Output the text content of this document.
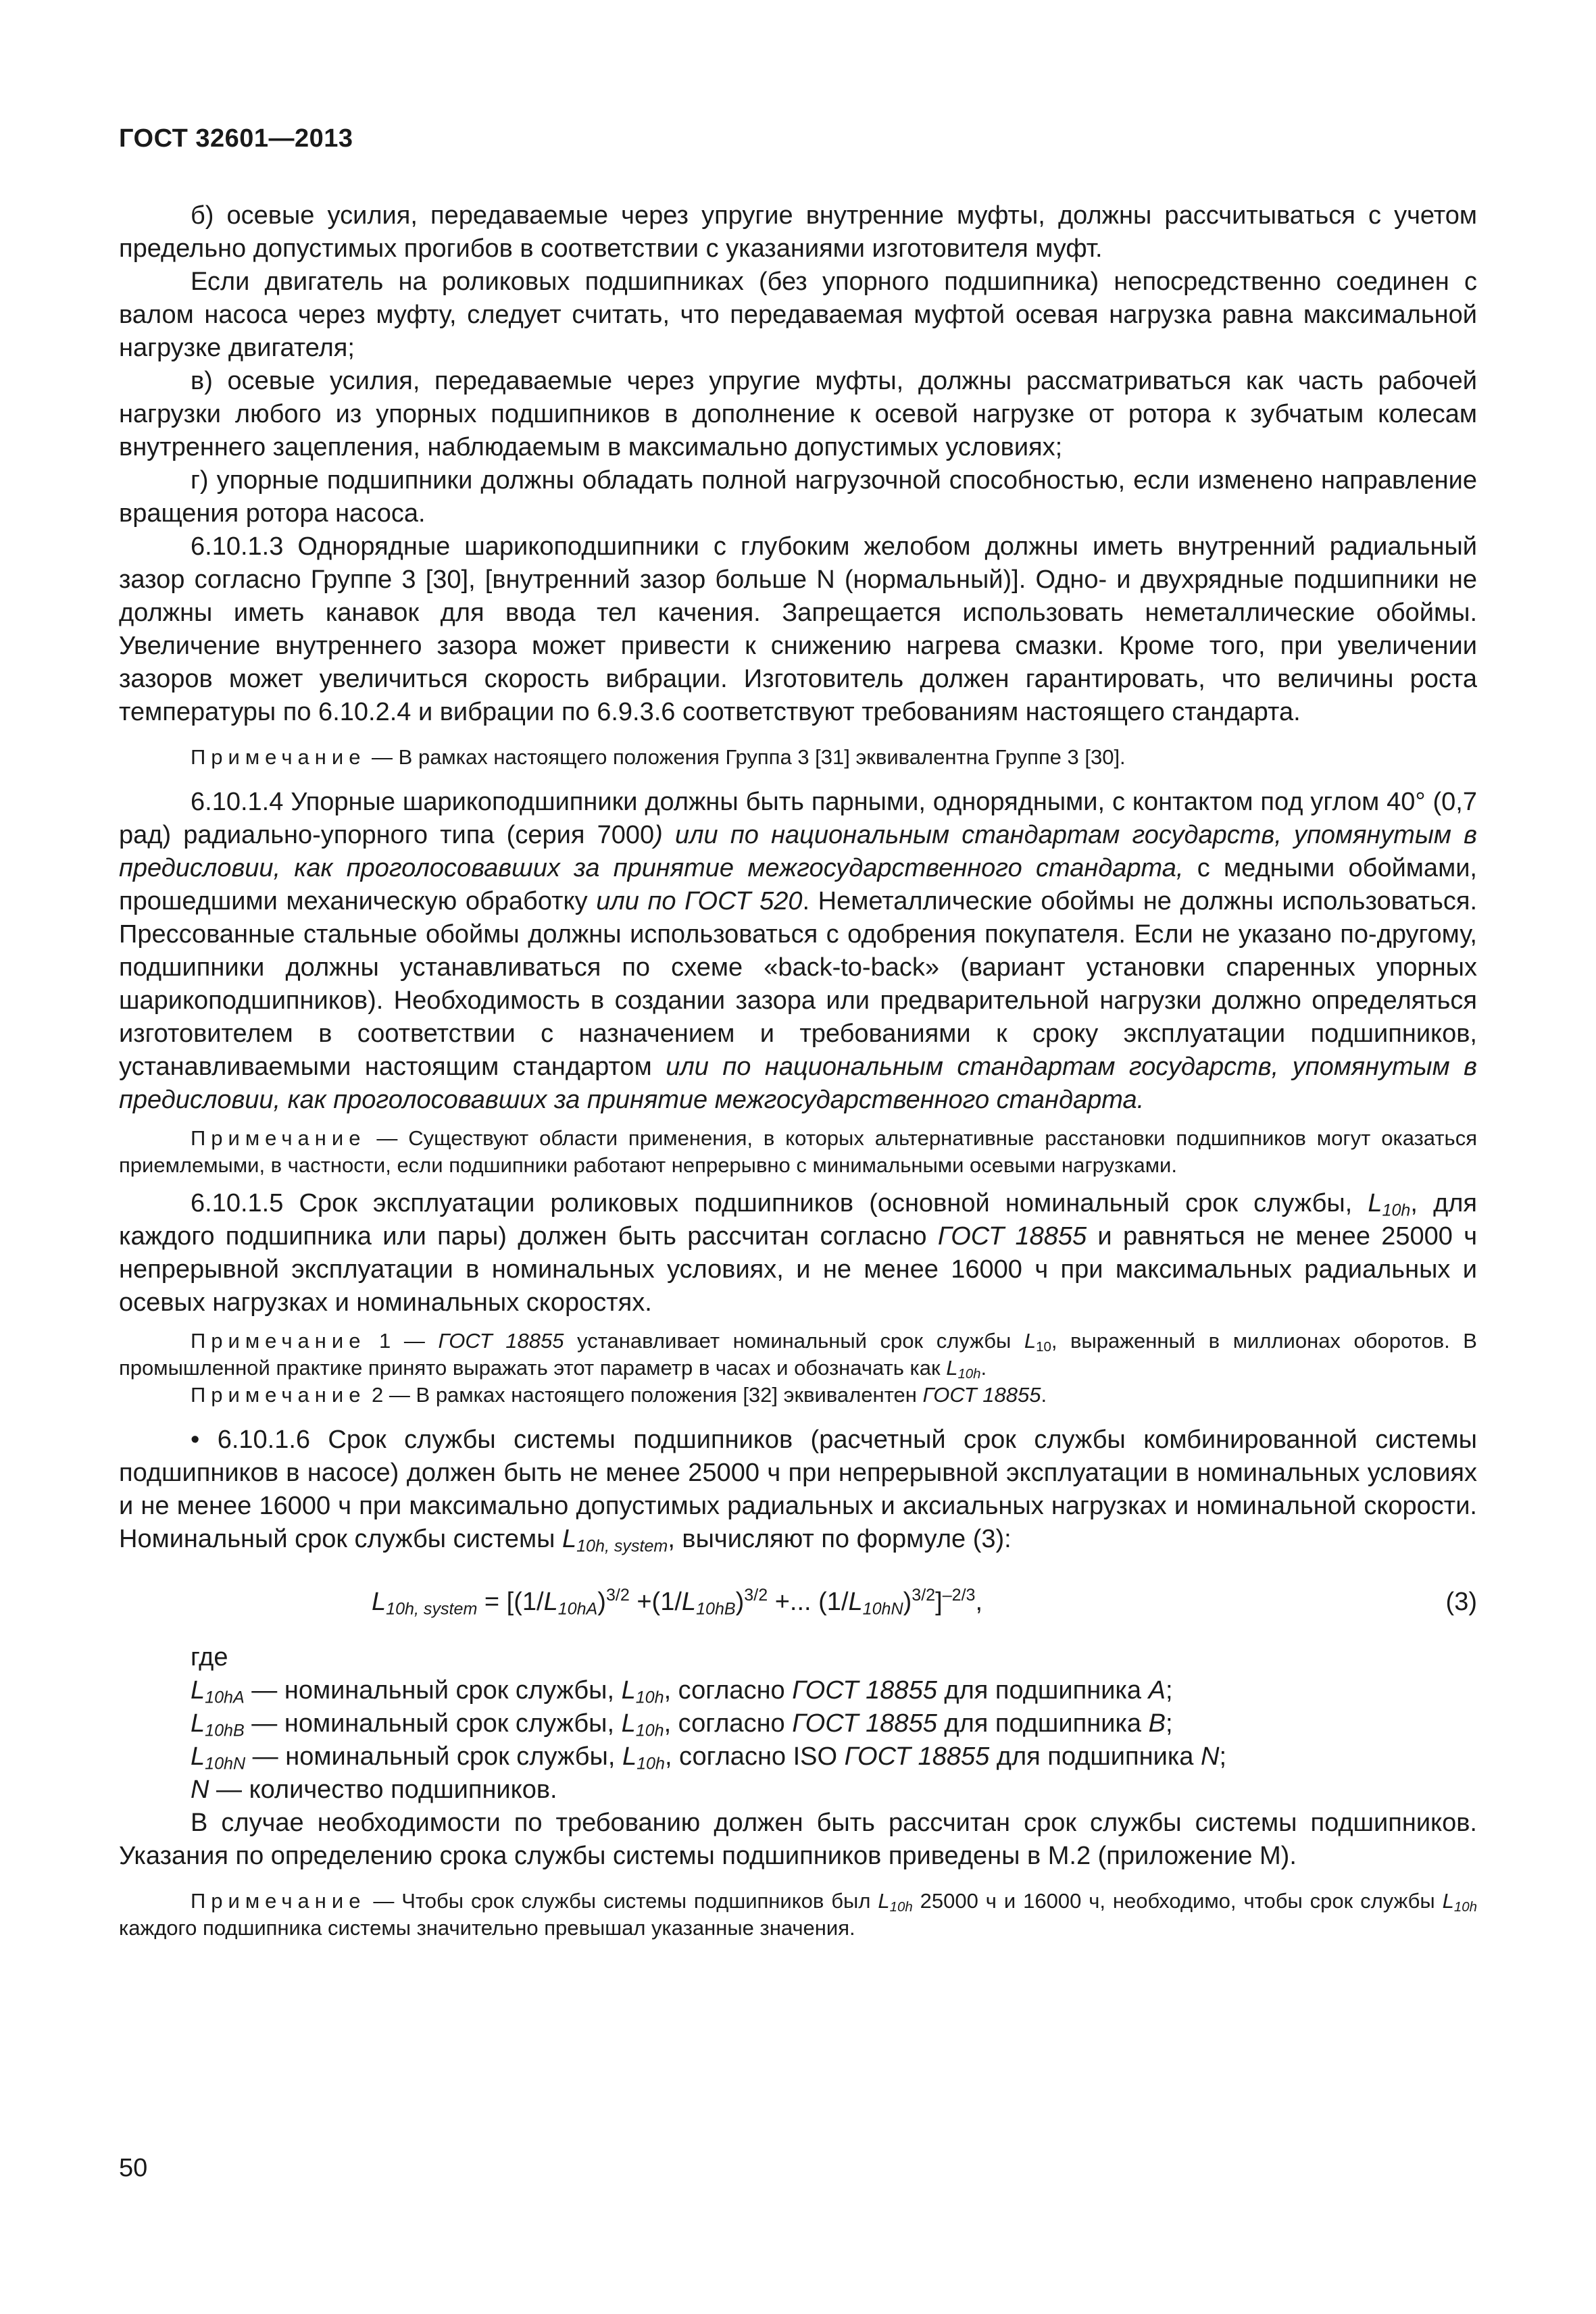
ГОСТ 32601—2013

б) осевые усилия, передаваемые через упругие внутренние муфты, должны рассчитываться с учетом предельно допустимых прогибов в соответствии с указаниями изготовителя муфт.

Если двигатель на роликовых подшипниках (без упорного подшипника) непосредственно соединен с валом насоса через муфту, следует считать, что передаваемая муфтой осевая нагрузка равна максимальной нагрузке двигателя;

в) осевые усилия, передаваемые через упругие муфты, должны рассматриваться как часть рабочей нагрузки любого из упорных подшипников в дополнение к осевой нагрузке от ротора к зубчатым колесам внутреннего зацепления, наблюдаемым в максимально допустимых условиях;

г) упорные подшипники должны обладать полной нагрузочной способностью, если изменено направление вращения ротора насоса.

6.10.1.3 Однорядные шарикоподшипники с глубоким желобом должны иметь внутренний радиальный зазор согласно Группе 3 [30], [внутренний зазор больше N (нормальный)]. Одно- и двухрядные подшипники не должны иметь канавок для ввода тел качения. Запрещается использовать неметаллические обоймы. Увеличение внутреннего зазора может привести к снижению нагрева смазки. Кроме того, при увеличении зазоров может увеличиться скорость вибрации. Изготовитель должен гарантировать, что величины роста температуры по 6.10.2.4 и вибрации по 6.9.3.6 соответствуют требованиям настоящего стандарта.

Примечание — В рамках настоящего положения Группа 3 [31] эквивалентна Группе 3 [30].

6.10.1.4 Упорные шарикоподшипники должны быть парными, однорядными, с контактом под углом 40° (0,7 рад) радиально-упорного типа (серия 7000) или по национальным стандартам государств, упомянутым в предисловии, как проголосовавших за принятие межгосударственного стандарта, с медными обоймами, прошедшими механическую обработку или по ГОСТ 520. Неметаллические обоймы не должны использоваться. Прессованные стальные обоймы должны использоваться с одобрения покупателя. Если не указано по-другому, подшипники должны устанавливаться по схеме «back-to-back» (вариант установки спаренных упорных шарикоподшипников). Необходимость в создании зазора или предварительной нагрузки должно определяться изготовителем в соответствии с назначением и требованиями к сроку эксплуатации подшипников, устанавливаемыми настоящим стандартом или по национальным стандартам государств, упомянутым в предисловии, как проголосовавших за принятие межгосударственного стандарта.

Примечание — Существуют области применения, в которых альтернативные расстановки подшипников могут оказаться приемлемыми, в частности, если подшипники работают непрерывно с минимальными осевыми нагрузками.

6.10.1.5 Срок эксплуатации роликовых подшипников (основной номинальный срок службы, $L_{10h}$, для каждого подшипника или пары) должен быть рассчитан согласно ГОСТ 18855 и равняться не менее 25000 ч непрерывной эксплуатации в номинальных условиях, и не менее 16000 ч при максимальных радиальных и осевых нагрузках и номинальных скоростях.

Примечание 1 — ГОСТ 18855 устанавливает номинальный срок службы $L_{10}$, выраженный в миллионах оборотов. В промышленной практике принято выражать этот параметр в часах и обозначать как $L_{10h}$.

Примечание 2 — В рамках настоящего положения [32] эквивалентен ГОСТ 18855.

• 6.10.1.6 Срок службы системы подшипников (расчетный срок службы комбинированной системы подшипников в насосе) должен быть не менее 25000 ч при непрерывной эксплуатации в номинальных условиях и не менее 16000 ч при максимально допустимых радиальных и аксиальных нагрузках и номинальной скорости. Номинальный срок службы системы $L_{10h, system}$, вычисляют по формуле (3):

$L_{10h, system} = [(1/L_{10hA})^{3/2} +(1/L_{10hB})^{3/2}$ +... $(1/L_{10hN})^{3/2}]^{-2/3}$,	(3)
где
$L_{10hA}$ — номинальный срок службы, $L_{10h}$, согласно ГОСТ 18855 для подшипника A;
$L_{10hB}$ — номинальный срок службы, $L_{10h}$, согласно ГОСТ 18855 для подшипника B;
$L_{10hN}$ — номинальный срок службы, $L_{10h}$, согласно ISO ГОСТ 18855 для подшипника N;
N — количество подшипников.

В случае необходимости по требованию должен быть рассчитан срок службы системы подшипников. Указания по определению срока службы системы подшипников приведены в М.2 (приложение М).

Примечание — Чтобы срок службы системы подшипников был $L_{10h}$ 25000 ч и 16000 ч, необходимо, чтобы срок службы $L_{10h}$ каждого подшипника системы значительно превышал указанные значения.

50
